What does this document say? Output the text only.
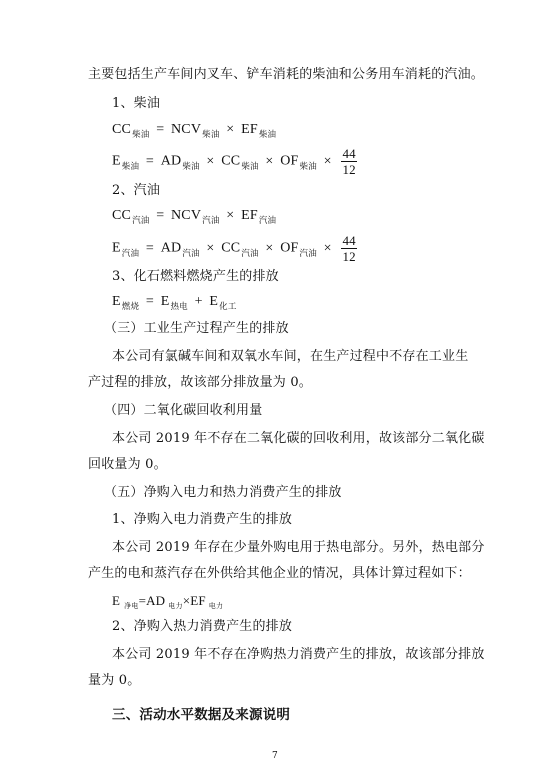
主要包括生产车间内叉车、铲车消耗的柴油和公务用车消耗的汽油。
1、柴油
$CC_{柴油} = NCV_{柴油} \times EF_{柴油}$
$E_{柴油} = AD_{柴油} \times CC_{柴油} \times OF_{柴油} \times \frac{44}{12}$
2、汽油
$CC_{汽油} = NCV_{汽油} \times EF_{汽油}$
$E_{汽油} = AD_{汽油} \times CC_{汽油} \times OF_{汽油} \times \frac{44}{12}$
3、化石燃料燃烧产生的排放
$E_{燃烧} = E_{热电} + E_{化工}$
（三）工业生产过程产生的排放
本公司有氯碱车间和双氧水车间，在生产过程中不存在工业生
产过程的排放，故该部分排放量为 0。
（四）二氧化碳回收利用量
本公司 2019 年不存在二氧化碳的回收利用，故该部分二氧化碳
回收量为 0。
（五）净购入电力和热力消费产生的排放
1、净购入电力消费产生的排放
本公司 2019 年存在少量外购电用于热电部分。另外，热电部分
产生的电和蒸汽存在外供给其他企业的情况，具体计算过程如下：
E $_{净电}$=AD $_{电力}$×EF $_{电力}$
2、净购入热力消费产生的排放
本公司 2019 年不存在净购热力消费产生的排放，故该部分排放
量为 0。
三、活动水平数据及来源说明
7
